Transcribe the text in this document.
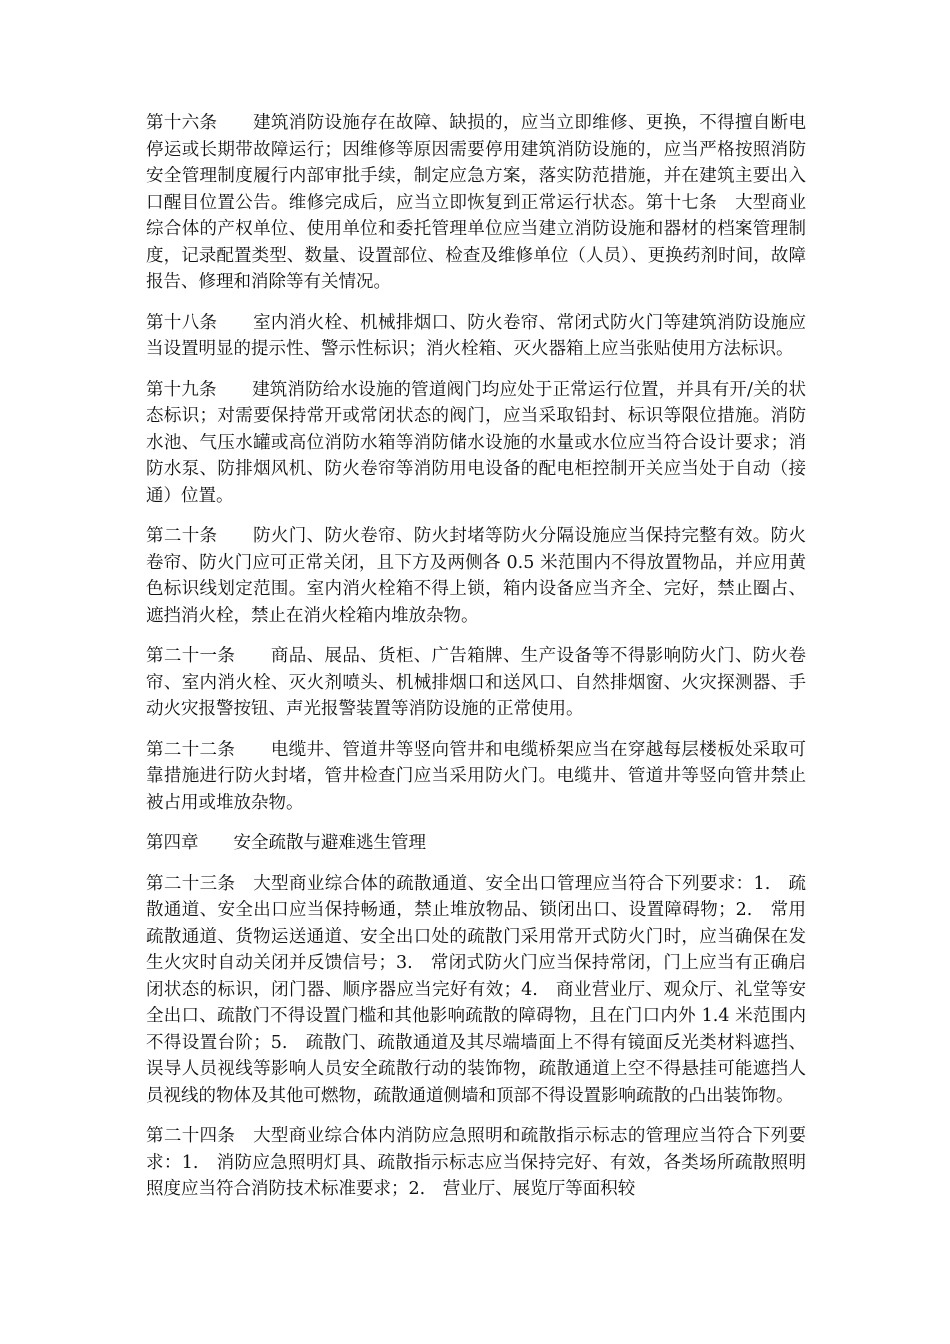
第十六条　　建筑消防设施存在故障、缺损的，应当立即维修、更换，不得擅自断电停运或长期带故障运行；因维修等原因需要停用建筑消防设施的，应当严格按照消防安全管理制度履行内部审批手续，制定应急方案，落实防范措施，并在建筑主要出入口醒目位置公告。维修完成后，应当立即恢复到正常运行状态。第十七条　大型商业综合体的产权单位、使用单位和委托管理单位应当建立消防设施和器材的档案管理制度，记录配置类型、数量、设置部位、检查及维修单位（人员）、更换药剂时间，故障报告、修理和消除等有关情况。

第十八条　　室内消火栓、机械排烟口、防火卷帘、常闭式防火门等建筑消防设施应当设置明显的提示性、警示性标识；消火栓箱、灭火器箱上应当张贴使用方法标识。

第十九条　　建筑消防给水设施的管道阀门均应处于正常运行位置，并具有开/关的状态标识；对需要保持常开或常闭状态的阀门，应当采取铅封、标识等限位措施。消防水池、气压水罐或高位消防水箱等消防储水设施的水量或水位应当符合设计要求；消防水泵、防排烟风机、防火卷帘等消防用电设备的配电柜控制开关应当处于自动（接通）位置。

第二十条　　防火门、防火卷帘、防火封堵等防火分隔设施应当保持完整有效。防火卷帘、防火门应可正常关闭，且下方及两侧各 0.5 米范围内不得放置物品，并应用黄色标识线划定范围。室内消火栓箱不得上锁，箱内设备应当齐全、完好，禁止圈占、遮挡消火栓，禁止在消火栓箱内堆放杂物。

第二十一条　　商品、展品、货柜、广告箱牌、生产设备等不得影响防火门、防火卷帘、室内消火栓、灭火剂喷头、机械排烟口和送风口、自然排烟窗、火灾探测器、手动火灾报警按钮、声光报警装置等消防设施的正常使用。

第二十二条　　电缆井、管道井等竖向管井和电缆桥架应当在穿越每层楼板处采取可靠措施进行防火封堵，管井检查门应当采用防火门。电缆井、管道井等竖向管井禁止被占用或堆放杂物。

第四章　　安全疏散与避难逃生管理

第二十三条　大型商业综合体的疏散通道、安全出口管理应当符合下列要求：1.　疏散通道、安全出口应当保持畅通，禁止堆放物品、锁闭出口、设置障碍物；2.　常用疏散通道、货物运送通道、安全出口处的疏散门采用常开式防火门时，应当确保在发生火灾时自动关闭并反馈信号；3.　常闭式防火门应当保持常闭，门上应当有正确启闭状态的标识，闭门器、顺序器应当完好有效；4.　商业营业厅、观众厅、礼堂等安全出口、疏散门不得设置门槛和其他影响疏散的障碍物，且在门口内外 1.4 米范围内不得设置台阶；5.　疏散门、疏散通道及其尽端墙面上不得有镜面反光类材料遮挡、误导人员视线等影响人员安全疏散行动的装饰物，疏散通道上空不得悬挂可能遮挡人员视线的物体及其他可燃物，疏散通道侧墙和顶部不得设置影响疏散的凸出装饰物。

第二十四条　大型商业综合体内消防应急照明和疏散指示标志的管理应当符合下列要求：1.　消防应急照明灯具、疏散指示标志应当保持完好、有效，各类场所疏散照明照度应当符合消防技术标准要求；2.　营业厅、展览厅等面积较
